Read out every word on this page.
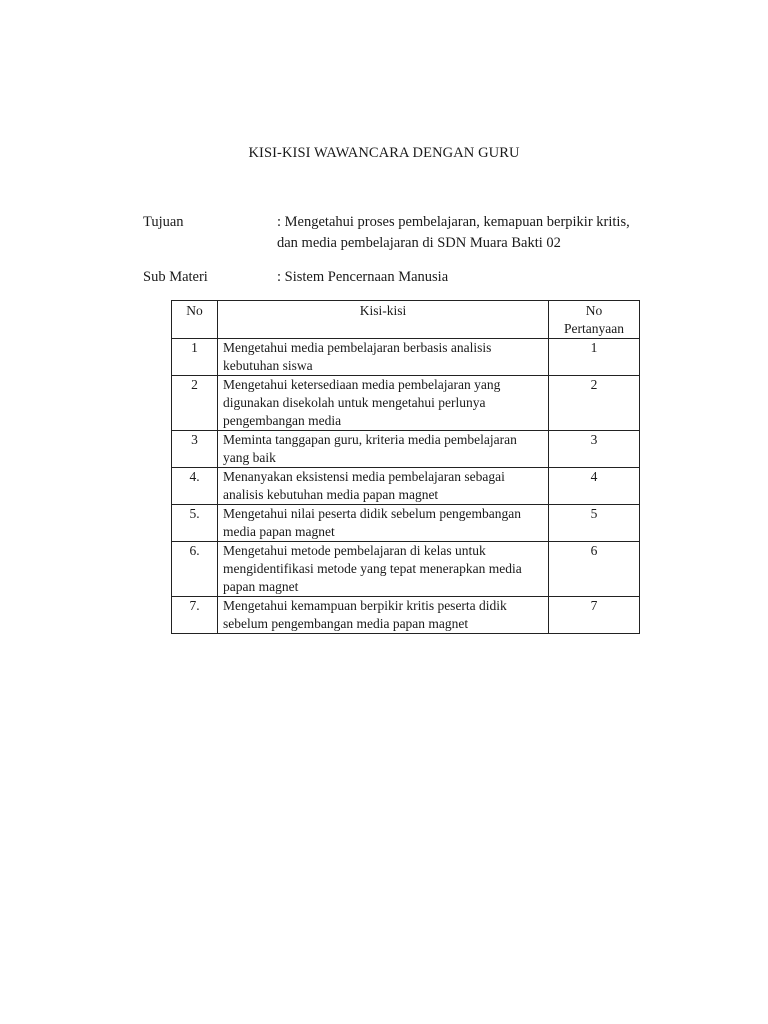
KISI-KISI WAWANCARA DENGAN GURU
Tujuan	: Mengetahui proses pembelajaran, kemapuan berpikir kritis,
dan media pembelajaran di SDN Muara Bakti 02
Sub Materi	: Sistem Pencernaan Manusia
No	Kisi-kisi	No
Pertanyaan

1	Mengetahui media pembelajaran berbasis analisis kebutuhan siswa	1
2	Mengetahui ketersediaan media pembelajaran yang digunakan disekolah untuk mengetahui perlunya pengembangan media	2
3	Meminta tanggapan guru, kriteria media pembelajaran yang baik	3
4.	Menanyakan eksistensi media pembelajaran sebagai analisis kebutuhan media papan magnet	4
5.	Mengetahui nilai peserta didik sebelum pengembangan media papan magnet	5
6.	Mengetahui metode pembelajaran di kelas untuk mengidentifikasi metode yang tepat menerapkan media papan magnet	6
7.	Mengetahui kemampuan berpikir kritis peserta didik sebelum pengembangan media papan magnet	7
